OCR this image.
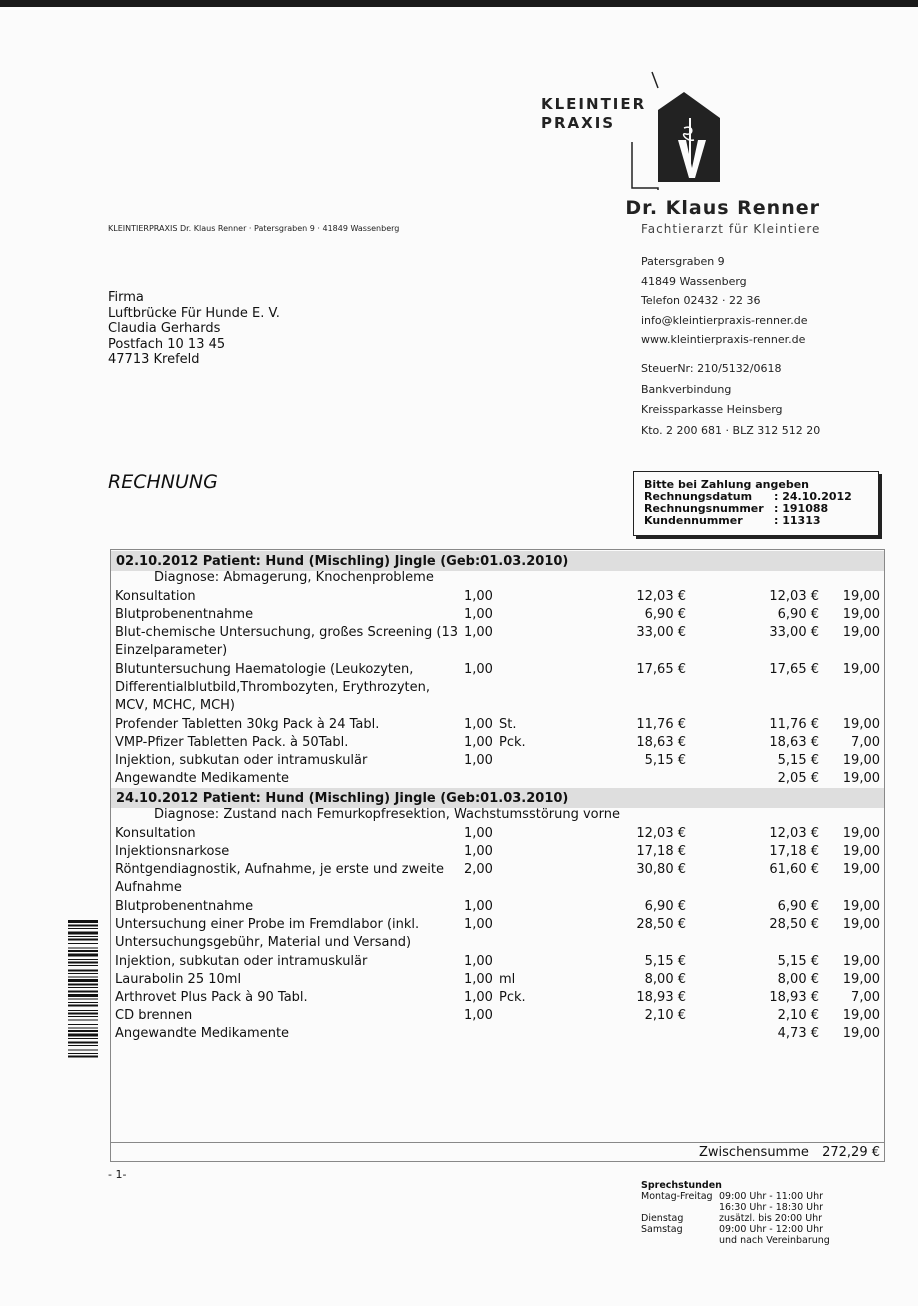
KLEINTIER
PRAXIS
Dr. Klaus Renner
Fachtierarzt für Kleintiere
KLEINTIERPRAXIS Dr. Klaus Renner · Patersgraben 9 · 41849 Wassenberg
Patersgraben 9
41849 Wassenberg
Telefon 02432 · 22 36
info@kleintierpraxis-renner.de
www.kleintierpraxis-renner.de
SteuerNr: 210/5132/0618
Bankverbindung
Kreissparkasse Heinsberg
Kto. 2 200 681 · BLZ 312 512 20
Firma
Luftbrücke Für Hunde E. V.
Claudia Gerhards
Postfach 10 13 45
47713 Krefeld
RECHNUNG	Bitte bei Zahlung angeben
Rechnungsdatum : 24.10.2012
Rechnungsnummer : 191088
Kundennummer	: 11313
02.10.2012 Patient: Hund (Mischling) Jingle (Geb:01.03.2010)
Diagnose: Abmagerung, Knochenprobleme
Konsultation	1,00	12,03 €	12,03 €	19,00
Blutprobenentnahme	1,00	6,90 €	6,90 €	19,00
Blut-chemische Untersuchung, großes Screening (13 Einzelparameter)
1,00	33,00 €	33,00 €	19,00
Blutuntersuchung Haematologie (Leukozyten, Differentialblutbild,Thrombozyten, Erythrozyten, MCV, MCHC, MCH)
1,00	17,65 €	17,65 €	19,00
Profender Tabletten 30kg Pack à 24 Tabl.	1,00 St.	11,76 €	11,76 €	19,00
VMP-Pfizer Tabletten Pack. à 50Tabl.	1,00 Pck.	18,63 €	18,63 €	7,00
Injektion, subkutan oder intramuskulär	1,00	5,15 €	5,15 €	19,00
Angewandte Medikamente	2,05 €	19,00
24.10.2012 Patient: Hund (Mischling) Jingle (Geb:01.03.2010)
Diagnose: Zustand nach Femurkopfresektion, Wachstumsstörung vorne
Konsultation	1,00	12,03 €	12,03 €	19,00
Injektionsnarkose	1,00	17,18 €	17,18 €	19,00
Röntgendiagnostik, Aufnahme, je erste und zweite Aufnahme
2,00	30,80 €	61,60 €	19,00
Blutprobenentnahme	1,00	6,90 €	6,90 €	19,00
Untersuchung einer Probe im Fremdlabor (inkl. Untersuchungsgebühr, Material und Versand)
1,00	28,50 €	28,50 €	19,00
Injektion, subkutan oder intramuskulär	1,00	5,15 €	5,15 €	19,00
Laurabolin 25 10ml	1,00 ml	8,00 €	8,00 €	19,00
Arthrovet Plus Pack à 90 Tabl.	1,00 Pck.	18,93 €	18,93 €	7,00
CD brennen	1,00	2,10 €	2,10 €	19,00
Angewandte Medikamente	4,73 €	19,00
Zwischensumme 272,29 €
- 1-
Sprechstunden
Montag-Freitag 09:00 Uhr - 11:00 Uhr
16:30 Uhr - 18:30 Uhr
Dienstag	zusätzl. bis 20:00 Uhr
Samstag	09:00 Uhr - 12:00 Uhr
und nach Vereinbarung
